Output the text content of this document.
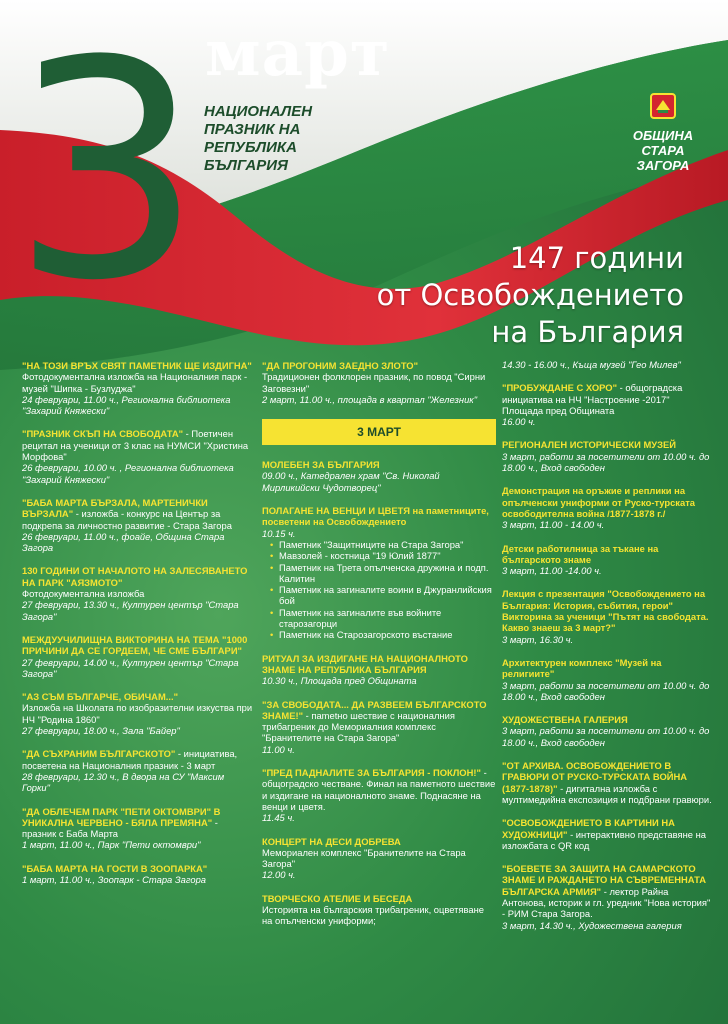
3 март
НАЦИОНАЛЕН
ПРАЗНИК НА
РЕПУБЛИКА
БЪЛГАРИЯ
ОБЩИНА
СТАРА
ЗАГОРА
147 години
от Освобождението
на България
"НА ТОЗИ ВРЪХ СВЯТ ПАМЕТНИК ЩЕ ИЗДИГНА"
Фотодокументална изложба на Националния парк - музей "Шипка - Бузлуджа"
24 февруари, 11.00 ч., Регионална библиотека "Захарий Княжески"
"ПРАЗНИК СКЪП НА СВОБОДАТА" - Поетичен рецитал на ученици от 3 клас на НУМСИ "Христина Морфова"
26 февруари, 10.00 ч. , Регионална библиотека "Захарий Княжески"
"БАБА МАРТА БЪРЗАЛА, МАРТЕНИЧКИ ВЪРЗАЛА" - изложба - конкурс на Център за подкрепа за личностно развитие - Стара Загора
26 февруари, 11.00 ч., фоайе, Община Стара Загора
130 ГОДИНИ ОТ НАЧАЛОТО НА ЗАЛЕСЯВАНЕТО НА ПАРК "АЯЗМОТО"
Фотодокументална изложба
27 февруари, 13.30 ч., Културен център "Стара Загора"
МЕЖДУУЧИЛИЩНА ВИКТОРИНА НА ТЕМА "1000 ПРИЧИНИ ДА СЕ ГОРДЕЕМ, ЧЕ СМЕ БЪЛГАРИ"
27 февруари, 14.00 ч., Културен център "Стара Загора"
"АЗ СЪМ БЪЛГАРЧЕ, ОБИЧАМ..."
Изложба на Школата по изобразителни изкуства при НЧ "Родина 1860"
27 февруари, 18.00 ч., Зала "Байер"
"ДА СЪХРАНИМ БЪЛГАРСКОТО" - инициатива, посветена на Националния празник - 3 март
28 февруари, 12.30 ч., В двора на СУ "Максим Горки"
"ДА ОБЛЕЧЕМ ПАРК "ПЕТИ ОКТОМВРИ" В УНИКАЛНА ЧЕРВЕНО - БЯЛА ПРЕМЯНА" - празник с Баба Марта
1 март, 11.00 ч., Парк "Пети октомври"
"БАБА МАРТА НА ГОСТИ В ЗООПАРКА"
1 март, 11.00 ч., Зоопарк - Стара Загора
"ДА ПРОГОНИМ ЗАЕДНО ЗЛОТО"
Традиционен фолклорен празник, по повод "Сирни Заговезни"
2 март, 11.00 ч., площада в квартал "Железник"
3 МАРТ
МОЛЕБЕН ЗА БЪЛГАРИЯ
09.00 ч., Катедрален храм "Св. Николай Мирликийски Чудотворец"
ПОЛАГАНЕ НА ВЕНЦИ И ЦВЕТЯ на паметниците, посветени на Освобождението
10.15 ч.
• Паметник "Защитниците на Стара Загора"
• Мавзолей - костница "19 Юлий 1877"
• Паметник на Трета опълченска дружина и подп. Калитин
• Паметник на загиналите воини в Джуранлийския бой
• Паметник на загиналите във войните старозагорци
• Паметник на Старозагорското въстание
РИТУАЛ ЗА ИЗДИГАНЕ НА НАЦИОНАЛНОТО ЗНАМЕ НА РЕПУБЛИКА БЪЛГАРИЯ
10.30 ч., Площада пред Общината
"ЗА СВОБОДАТА... ДА РАЗВЕЕМ БЪЛГАРСКОТО ЗНАМЕ!" - пametно шествие с националния трибагреник до Мемориалния комплекс "Бранителите на Стара Загора"
11.00 ч.
"ПРЕД ПАДНАЛИТЕ ЗА БЪЛГАРИЯ - ПОКЛОН!" - общоградско честване. Финал на паметното шествие и издигане на националното знаме. Поднасяне на венци и цветя.
11.45 ч.
КОНЦЕРТ НА ДЕСИ ДОБРЕВА
Мемориален комплекс "Бранителите на Стара Загора"
12.00 ч.
ТВОРЧЕСКО АТЕЛИЕ И БЕСЕДА
Историята на българския трибагреник, оцветяване на опълченски униформи;
14.30 - 16.00 ч., Къща музей "Гео Милев"
"ПРОБУЖДАНЕ С ХОРО" - общоградска инициатива на НЧ "Настроение -2017" Площада пред Общината
16.00 ч.
РЕГИОНАЛЕН ИСТОРИЧЕСКИ МУЗЕЙ
3 март, работи за посетители от 10.00 ч. до 18.00 ч., Вход свободен
Демонстрация на оръжие и реплики на опълченски униформи от Руско-турската освободителна война /1877-1878 г./
3 март, 11.00 - 14.00 ч.
Детски работилница за тъкане на българското знаме
3 март, 11.00 -14.00 ч.
Лекция с презентация "Освобождението на България: История, събития, герои" Викторина за ученици "Пътят на свободата. Какво знаеш за 3 март?"
3 март, 16.30 ч.
Архитектурен комплекс "Музей на религиите"
3 март, работи за посетители от 10.00 ч. до 18.00 ч., Вход свободен
ХУДОЖЕСТВЕНА ГАЛЕРИЯ
3 март, работи за посетители от 10.00 ч. до 18.00 ч., Вход свободен
"ОТ АРХИВА. ОСВОБОЖДЕНИЕТО В ГРАВЮРИ ОТ РУСКО-ТУРСКАТА ВОЙНА (1877-1878)" - дигитална изложба с мултимедийна експозиция и подбрани гравюри.
"ОСВОБОЖДЕНИЕТО В КАРТИНИ НА ХУДОЖНИЦИ" - интерактивно представяне на изложбата с QR код
"БОЕВЕТЕ ЗА ЗАЩИТА НА САМАРСКОТО ЗНАМЕ И РАЖДАНЕТО НА СЪВРЕМЕННАТА БЪЛГАРСКА АРМИЯ" - лектор Райна Антонова, историк и гл. уредник "Нова история" - РИМ Стара Загора.
3 март, 14.30 ч., Художествена галерия
